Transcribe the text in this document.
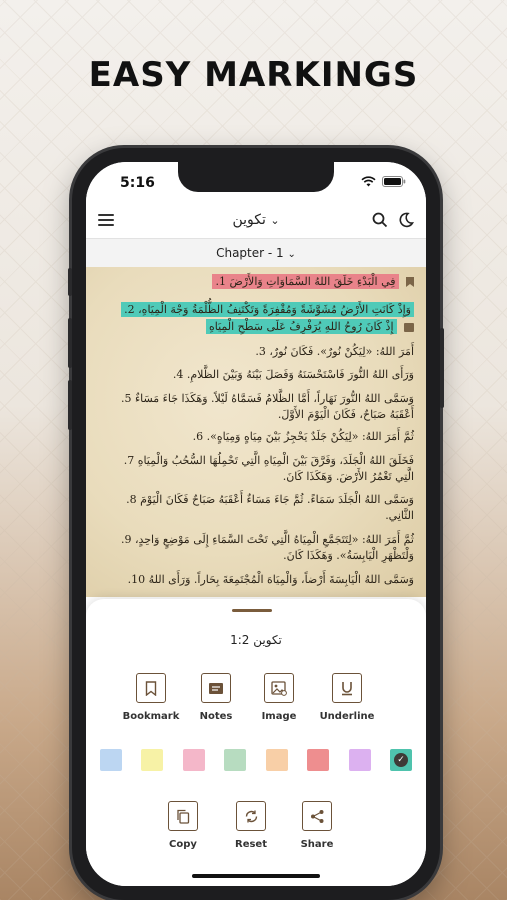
EASY MARKINGS
5:16
تكوين ⌄
Chapter - 1 ⌄
فِي الْبَدْءِ خَلَقَ اللهُ السَّمَاوَاتِ وَالأَرْضَ 1.
وَإِذْ كَانَتِ الأَرْضُ مُشَوَّشَةً وَمُقْفِرَةً وَتَكْتَنِفُ الظُّلْمَةُ وَجْهَ الْمِيَاهِ، 2.
إِذْ كَانَ رُوحُ اللهِ يُرَفْرِفُ عَلَى سَطْحِ الْمِيَاهِ
أَمَرَ اللهُ: «لِيَكُنْ نُورٌ». فَكَانَ نُورٌ، 3.
وَرَأَى اللهُ النُّورَ فَاسْتَحْسَنَهُ وَفَصَلَ بَيْنَهُ وَبَيْنَ الظَّلامِ. 4.
وَسَمَّى اللهُ النُّورَ نَهَاراً، أَمَّا الظَّلامُ فَسَمَّاهُ لَيْلاً. وَهَكَذَا جَاءَ مَسَاءٌ 5.
أَعْقَبَهُ صَبَاحٌ، فَكَانَ الْيَوْمَ الأَوَّلَ.
ثُمَّ أَمَرَ اللهُ: «لِيَكُنْ جَلَدٌ يَحْجِزُ بَيْنَ مِيَاهٍ وَمِيَاهٍ». 6.
فَخَلَقَ اللهُ الْجَلَدَ، وَفَرَّقَ بَيْنَ الْمِيَاهِ الَّتِي تَحْمِلُهَا السُّحُبُ وَالْمِيَاهِ 7.
الَّتِي تَغْمُرُ الأَرْضَ. وَهَكَذَا كَانَ.
وَسَمَّى اللهُ الْجَلَدَ سَمَاءً. ثُمَّ جَاءَ مَسَاءٌ أَعْقَبَهُ صَبَاحٌ فَكَانَ الْيَوْمَ 8.
الثَّانِي.
ثُمَّ أَمَرَ اللهُ: «لِتَتَجَمَّعِ الْمِيَاهُ الَّتِي تَحْتَ السَّمَاءِ إِلَى مَوْضِعٍ وَاحِدٍ، 9.
وَلْتَظْهَرِ الْيَابِسَةُ». وَهَكَذَا كَانَ.
وَسَمَّى اللهُ الْيَابِسَةَ أَرْضاً، وَالْمِيَاهَ الْمُجْتَمِعَةَ بِحَاراً. وَرَأَى اللهُ 10.
تكوين 1:2
Bookmark	Notes	Image	Underline
✓
Copy	Reset	Share
